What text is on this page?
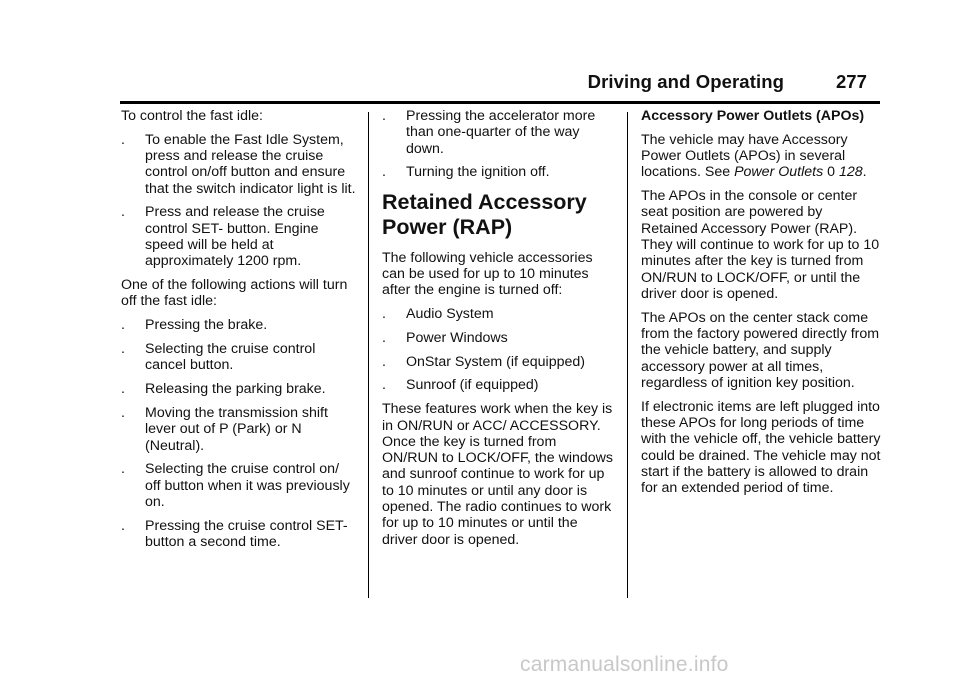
Driving and Operating	277
To control the fast idle:
.	To enable the Fast Idle System, press and release the cruise control on/off button and ensure that the switch indicator light is lit.
.	Press and release the cruise control SET- button. Engine speed will be held at approximately 1200 rpm.
One of the following actions will turn off the fast idle:
.	Pressing the brake.
.	Selecting the cruise control cancel button.
.	Releasing the parking brake.
.	Moving the transmission shift lever out of P (Park) or N (Neutral).
.	Selecting the cruise control on/ off button when it was previously on.
.	Pressing the cruise control SET- button a second time.
.	Pressing the accelerator more than one-quarter of the way down.
.	Turning the ignition off.
Retained Accessory Power (RAP)
The following vehicle accessories can be used for up to 10 minutes after the engine is turned off:
.	Audio System
.	Power Windows
.	OnStar System (if equipped)
.	Sunroof (if equipped)
These features work when the key is in ON/RUN or ACC/ ACCESSORY. Once the key is turned from ON/RUN to LOCK/OFF, the windows and sunroof continue to work for up to 10 minutes or until any door is opened. The radio continues to work for up to 10 minutes or until the driver door is opened.
Accessory Power Outlets (APOs)
The vehicle may have Accessory Power Outlets (APOs) in several locations. See Power Outlets 0 128.
The APOs in the console or center seat position are powered by Retained Accessory Power (RAP). They will continue to work for up to 10 minutes after the key is turned from ON/RUN to LOCK/OFF, or until the driver door is opened.
The APOs on the center stack come from the factory powered directly from the vehicle battery, and supply accessory power at all times, regardless of ignition key position.
If electronic items are left plugged into these APOs for long periods of time with the vehicle off, the vehicle battery could be drained. The vehicle may not start if the battery is allowed to drain for an extended period of time.
carmanualsonline.info
